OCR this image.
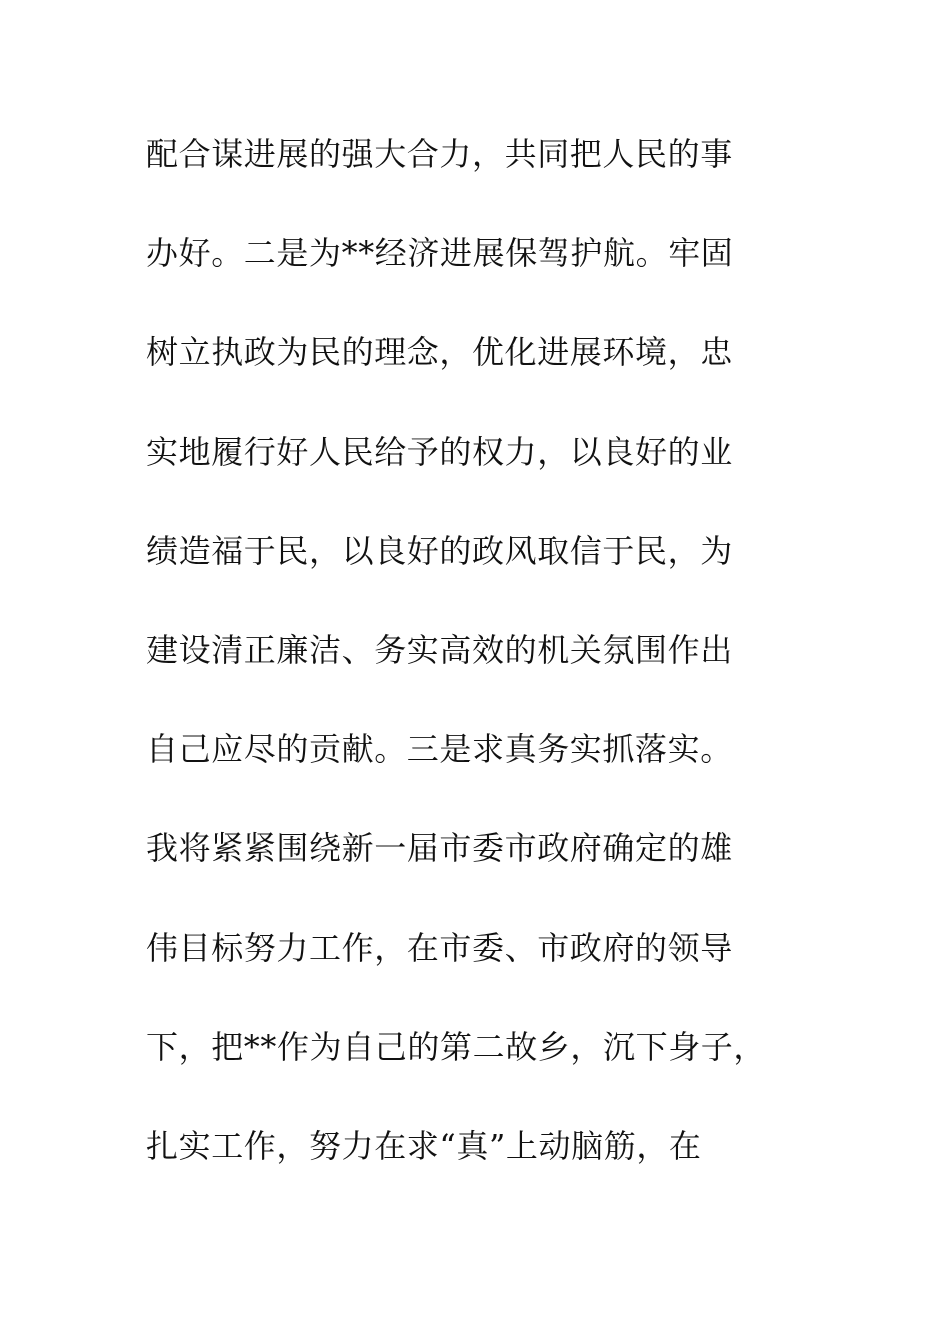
配合谋进展的强大合力，共同把人民的事
办好。二是为**经济进展保驾护航。牢固
树立执政为民的理念，优化进展环境，忠
实地履行好人民给予的权力，以良好的业
绩造福于民，以良好的政风取信于民，为
建设清正廉洁、务实高效的机关氛围作出
自己应尽的贡献。三是求真务实抓落实。
我将紧紧围绕新一届市委市政府确定的雄
伟目标努力工作，在市委、市政府的领导
下，把**作为自己的第二故乡，沉下身子，
扎实工作，努力在求“真”上动脑筋，在
